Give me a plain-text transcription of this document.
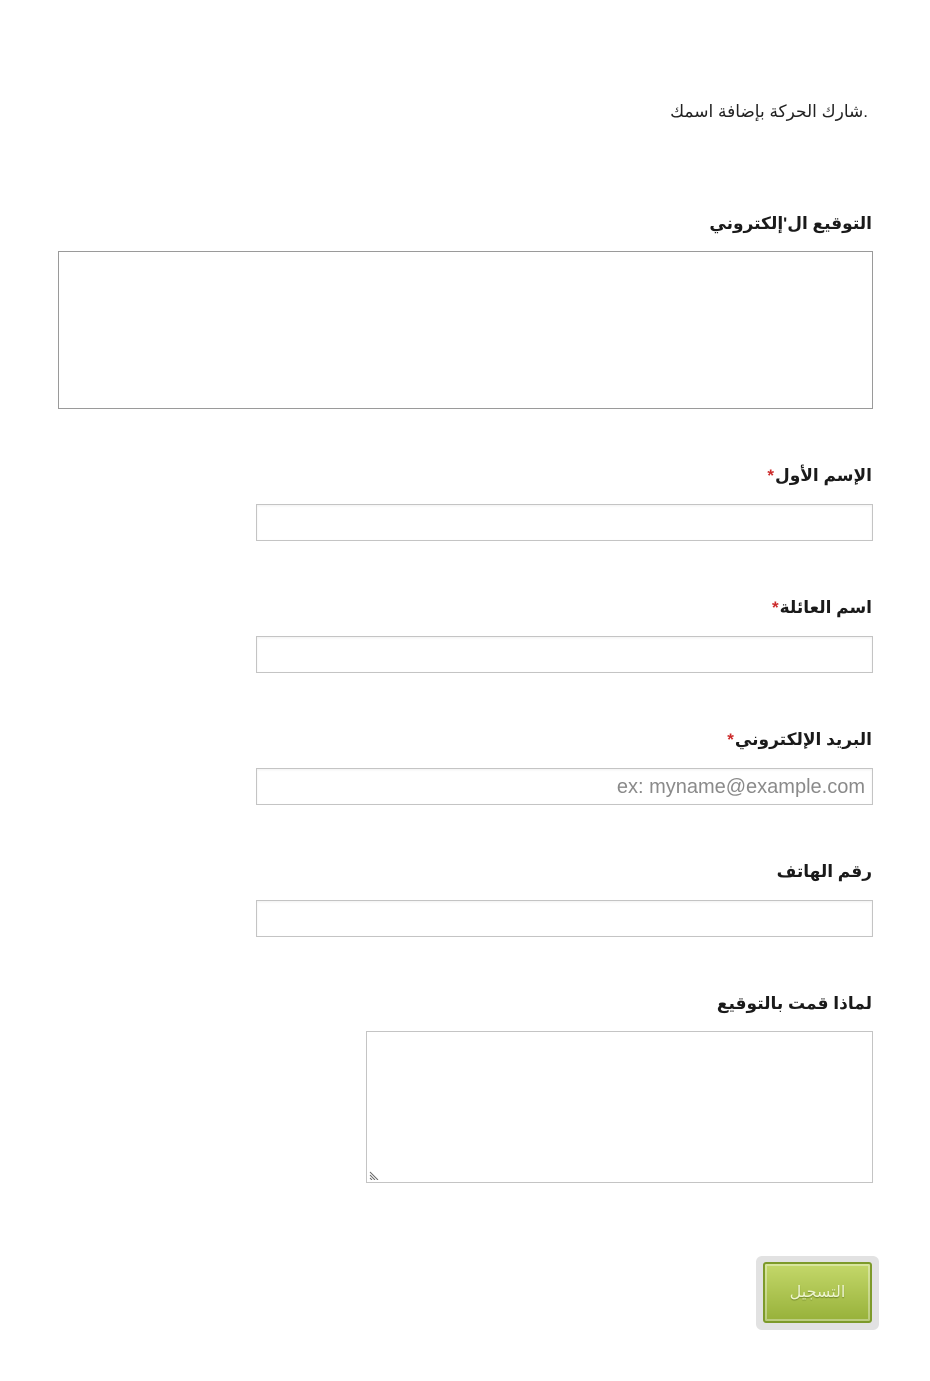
.شارك الحركة بإضافة اسمك
التوقيع ال'إلكتروني
الإسم الأول*
اسم العائلة*
البريد الإلكتروني*
ex: myname@example.com
رقم الهاتف
لماذا قمت بالتوقيع
التسجيل
